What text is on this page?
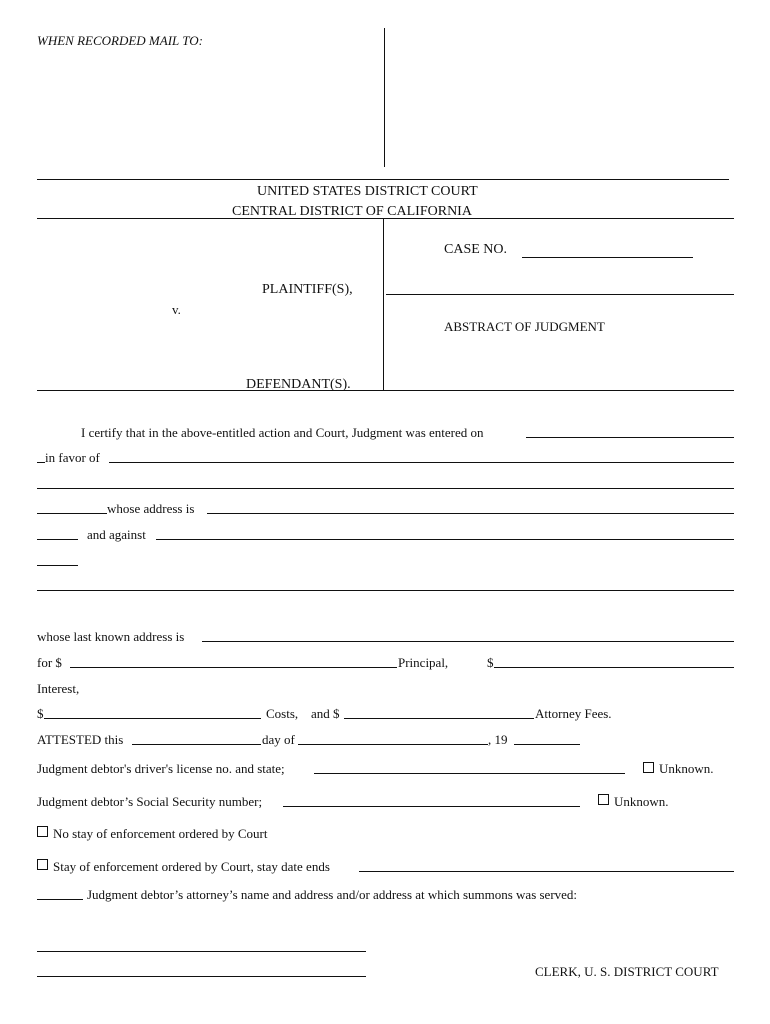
WHEN RECORDED MAIL TO:
UNITED STATES DISTRICT COURT
CENTRAL DISTRICT OF CALIFORNIA
CASE NO.
PLAINTIFF(S),
v.
ABSTRACT OF JUDGMENT
DEFENDANT(S).
I certify that in the above-entitled action and Court, Judgment was entered on
in favor of
whose address is
and against
whose last known address is
for $	Principal,	$
Interest,
$	Costs, and $	Attorney Fees.
ATTESTED this	day of	, 19
Judgment debtor's driver's license no. and state;	Unknown.
Judgment debtor’s Social Security number;	Unknown.
No stay of enforcement ordered by Court
Stay of enforcement ordered by Court, stay date ends
Judgment debtor’s attorney’s name and address and/or address at which summons was served:
CLERK, U. S. DISTRICT COURT
